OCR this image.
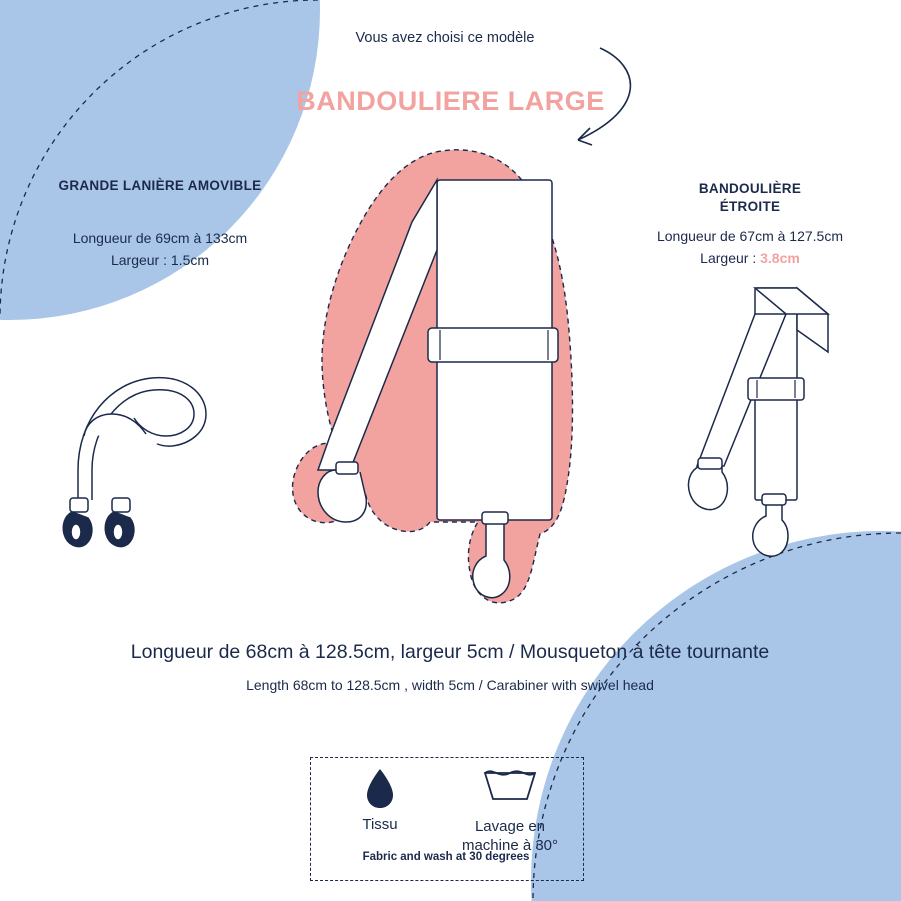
Vous avez choisi ce modèle
BANDOULIERE LARGE
GRANDE LANIÈRE AMOVIBLE
Longueur de 69cm à 133cm
Largeur : 1.5cm
BANDOULIÈRE
ÉTROITE
Longueur de 67cm à 127.5cm
Largeur : 3.8cm
Longueur de 68cm à 128.5cm, largeur 5cm / Mousqueton à tête tournante
Length 68cm to 128.5cm , width 5cm / Carabiner with swivel head
Tissu	Lavage en
machine à 30°
Fabric and wash at 30 degrees
